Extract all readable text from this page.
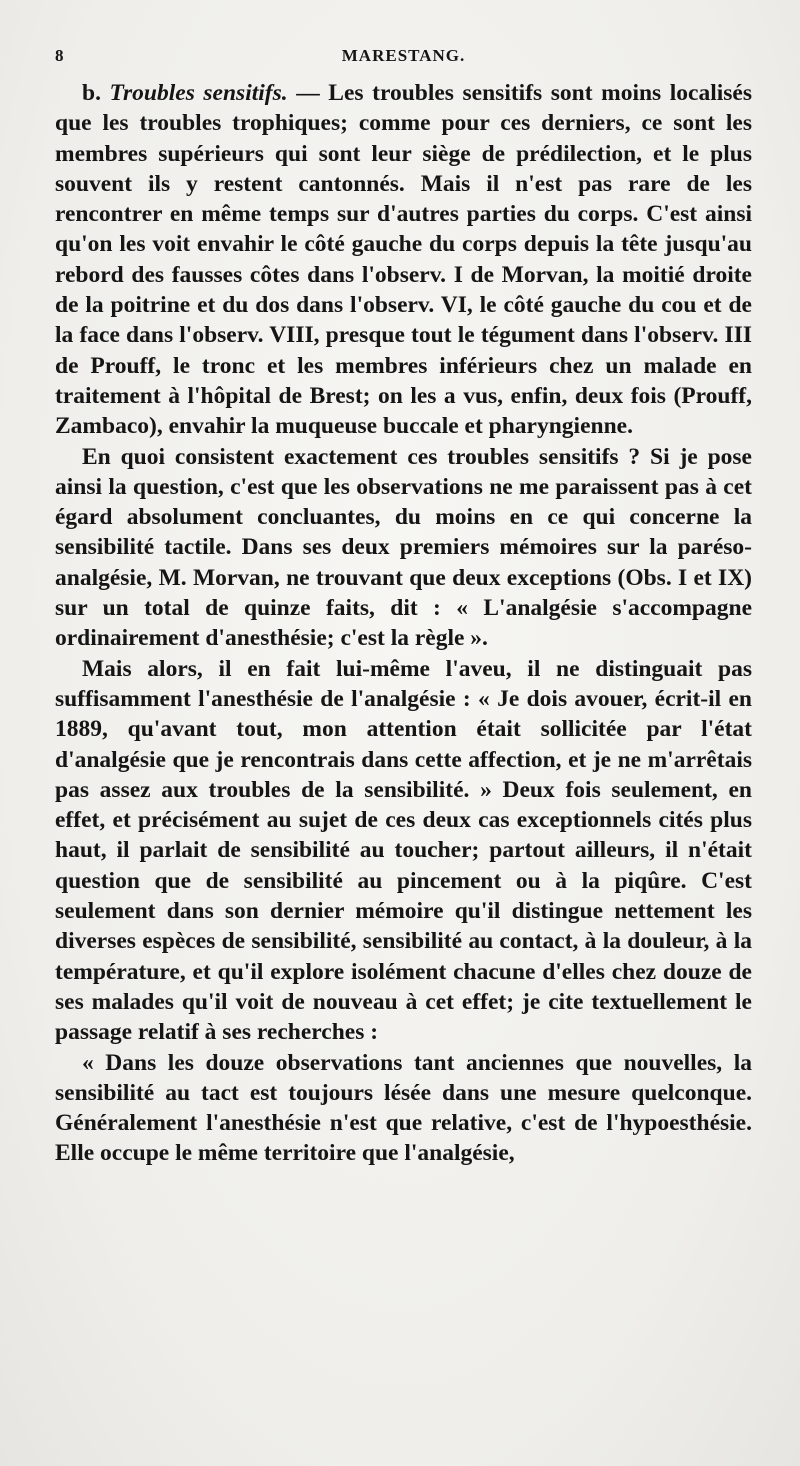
8	MARESTANG.

b. Troubles sensitifs. — Les troubles sensitifs sont moins localisés que les troubles trophiques; comme pour ces derniers, ce sont les membres supérieurs qui sont leur siège de prédilection, et le plus souvent ils y restent cantonnés. Mais il n'est pas rare de les rencontrer en même temps sur d'autres parties du corps. C'est ainsi qu'on les voit envahir le côté gauche du corps depuis la tête jusqu'au rebord des fausses côtes dans l'observ. I de Morvan, la moitié droite de la poitrine et du dos dans l'observ. VI, le côté gauche du cou et de la face dans l'observ. VIII, presque tout le tégument dans l'observ. III de Prouff, le tronc et les membres inférieurs chez un malade en traitement à l'hôpital de Brest; on les a vus, enfin, deux fois (Prouff, Zambaco), envahir la muqueuse buccale et pharyngienne.

En quoi consistent exactement ces troubles sensitifs ? Si je pose ainsi la question, c'est que les observations ne me paraissent pas à cet égard absolument concluantes, du moins en ce qui concerne la sensibilité tactile. Dans ses deux premiers mémoires sur la paréso-analgésie, M. Morvan, ne trouvant que deux exceptions (Obs. I et IX) sur un total de quinze faits, dit : « L'analgésie s'accompagne ordinairement d'anesthésie; c'est la règle ».

Mais alors, il en fait lui-même l'aveu, il ne distinguait pas suffisamment l'anesthésie de l'analgésie : « Je dois avouer, écrit-il en 1889, qu'avant tout, mon attention était sollicitée par l'état d'analgésie que je rencontrais dans cette affection, et je ne m'arrêtais pas assez aux troubles de la sensibilité. » Deux fois seulement, en effet, et précisément au sujet de ces deux cas exceptionnels cités plus haut, il parlait de sensibilité au toucher; partout ailleurs, il n'était question que de sensibilité au pincement ou à la piqûre. C'est seulement dans son dernier mémoire qu'il distingue nettement les diverses espèces de sensibilité, sensibilité au contact, à la douleur, à la température, et qu'il explore isolément chacune d'elles chez douze de ses malades qu'il voit de nouveau à cet effet; je cite textuellement le passage relatif à ses recherches :

« Dans les douze observations tant anciennes que nouvelles, la sensibilité au tact est toujours lésée dans une mesure quelconque. Généralement l'anesthésie n'est que relative, c'est de l'hypoesthésie. Elle occupe le même territoire que l'analgésie,
